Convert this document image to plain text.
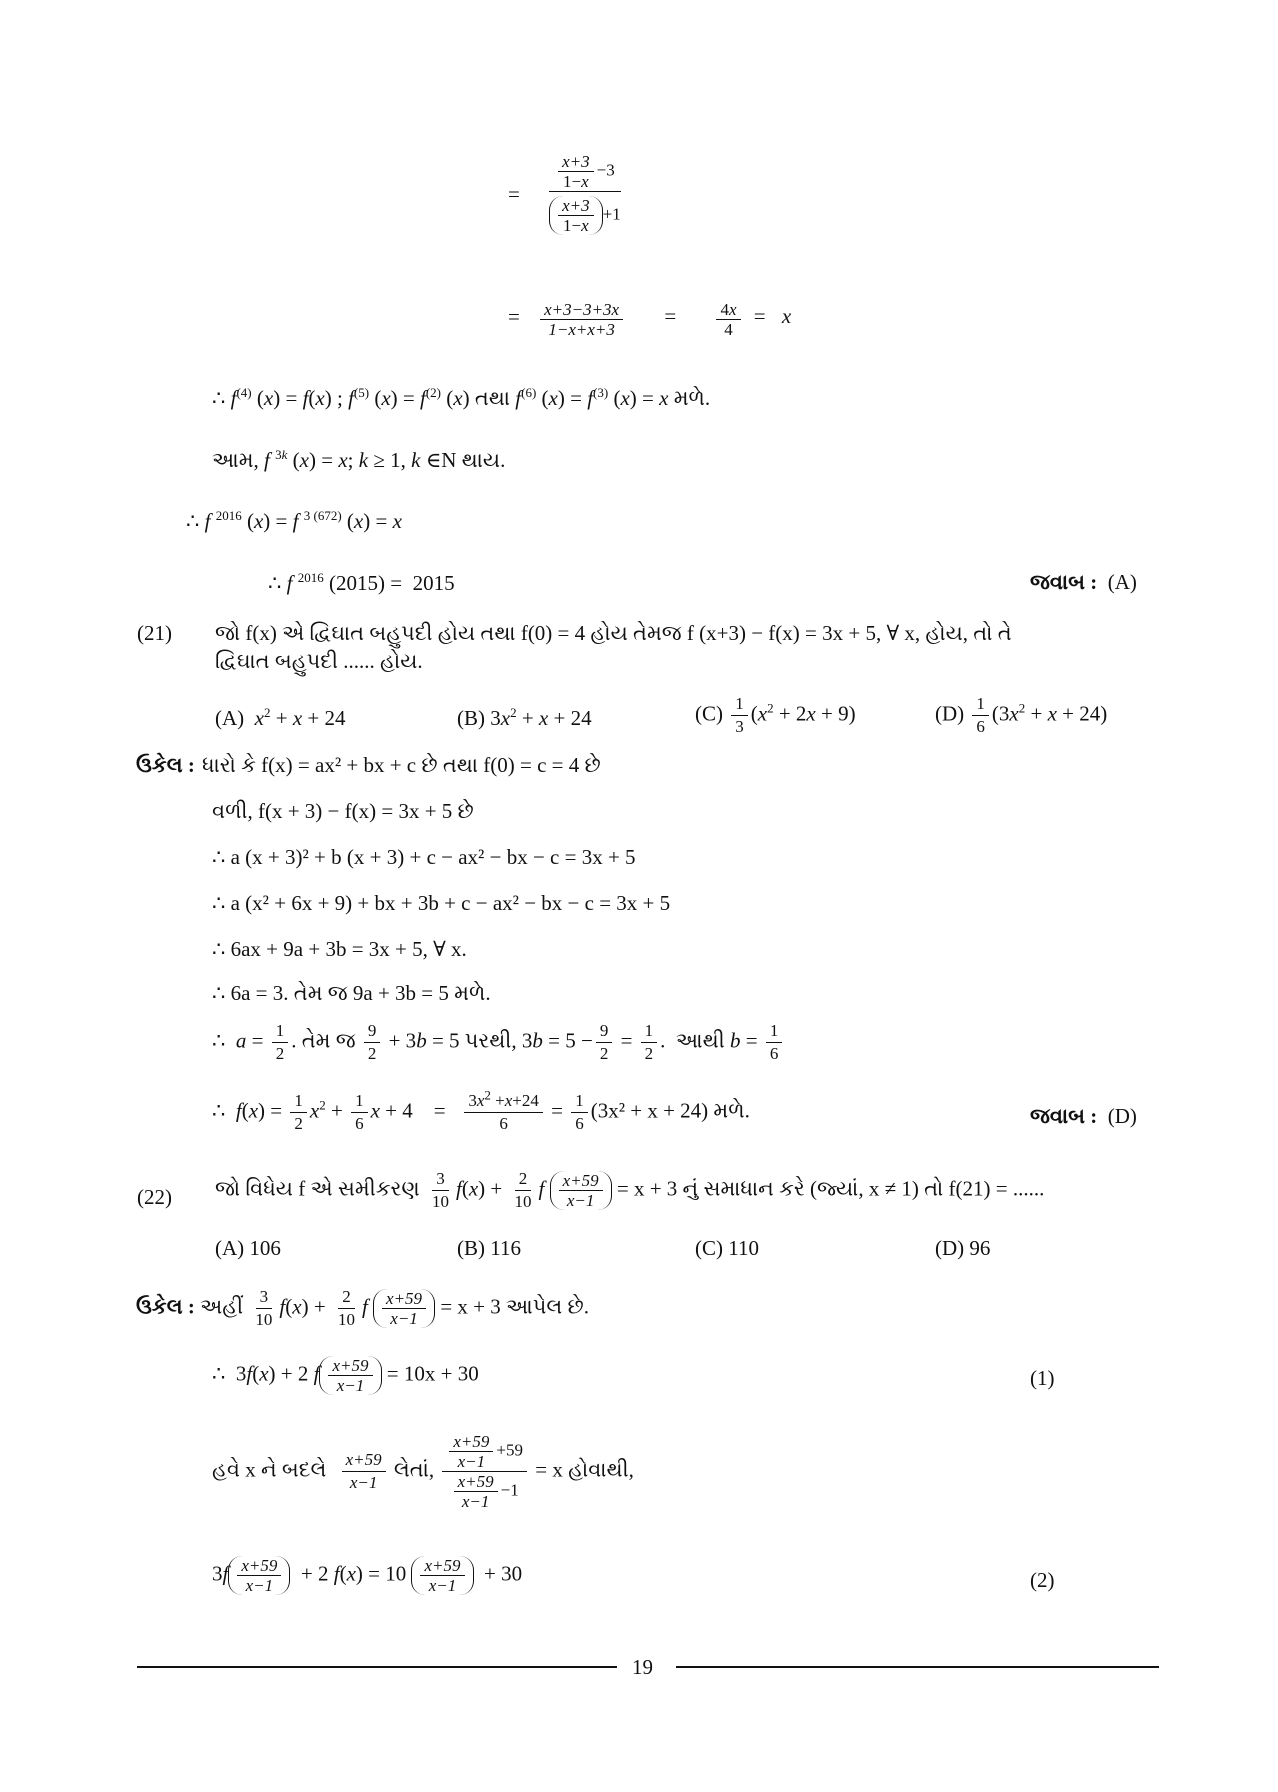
= $\frac{\frac{x+3}{1-x} -3}{\frac{x+3}{1-x} +1}$
= $\frac{x+3-3+3x}{1-x+x+3} = \frac{4x}{4} = x$
∴ $f^{(4)}$ (x) = f(x) ; $f^{(5)}$ $(x) = f^{(2)}$ (x) તથા $f^{(6)}$ $(x) = f^{(3)}$ (x) = x મળે.
આમ, f $^{3k}$ (x) = x; k ≥ 1, k ∈N થાય.
∴ f $^{2016}$ (x) = f $^{3 (672)}$ (x) = x
∴ f $^{2016}$ (2015) =  2015	જવાબ : (A)
(21) જો f(x) એ દ્વિઘાત બહુપદી હોય તથા f(0) = 4 હોય તેમજ f (x+3) − f(x) = 3x + 5, ∀ x, હોય, તો તે
દ્વિઘાત બહુપદી ...... હોય.
(A) $x^2 + x + 24$	(B) $3x^2 + x + 24$	$(C) \frac{1}{3} (x^2 + 2x + 9)$	$(D) \frac{1}{6} (3x^2 + x + 24)$
ઉકેલ : ધારો કે f(x) = ax² + bx + c છે તથા f(0) = c = 4 છે
વળી, f(x + 3) − f(x) = 3x + 5 છે
∴ a (x + 3)² + b (x + 3) + c − ax² − bx − c = 3x + 5
∴ a (x² + 6x + 9) + bx + 3b + c − ax² − bx − c = 3x + 5
∴ 6ax + 9a + 3b = 3x + 5, ∀ x.
∴ 6a = 3. તેમ જ 9a + 3b = 5 મળે.
∴  $a = \frac{1}{2}$ . તેમ જ $\frac{9}{2} + 3b = 5$ પરથી, $3b = 5 - \frac{9}{2} = \frac{1}{2}$ .  આથી $b = \frac{1}{6}$
∴  $f(x) = \frac{1}{2} x^2 + \frac{1}{6}$ x + 4    = $\frac{3x^2 +x+24}{6} = \frac{1}{6} (3x^2 + x + 24)$ મળે.	જવાબ : (D)
(22) જો વિધેય f એ સમીકરણ $\frac{3}{10} f(x) + \frac{2}{10}$ f $\frac{x+59}{x-1} = x + 3$ નું સમાધાન કરે (જ્યાં, x ≠ 1) તો f(21) = ......
(A) 106	(B) 116	(C) 110	(D) 96
ઉકેલ : અહીં $\frac{3}{10} f(x) + \frac{2}{10}$ f $\frac{x+59}{x-1} = x + 3$ આપેલ છે.
∴  3f(x) + 2 f $\frac{x+59}{x-1} = 10x + 30$	(1)
હવે x ને બદલે $\frac{x+59}{x-1}$ લેતાં, $\frac{\frac{x+59}{x-1} +59}{\frac{x+59}{x-1} -1} = x$ હોવાથી,
$3f \frac{x+59}{x-1} + 2$ $f(x) = 10 \frac{x+59}{x-1} + 30$	(2)
19
